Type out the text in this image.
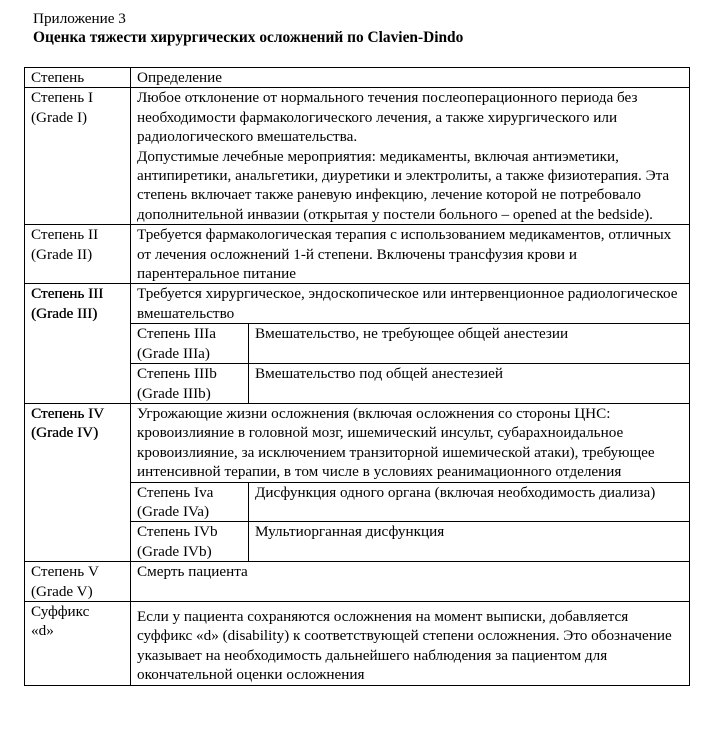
Приложение 3
Оценка тяжести хирургических осложнений по Clavien-Dindo
Степень	Определение	

Степень I
(Grade I)	Любое отклонение от нормального течения послеоперационного периода без необходимости фармакологического лечения, а также хирургического или радиологического вмешательства.
Допустимые лечебные мероприятия: медикаменты, включая антиэметики, антипиретики, анальгетики, диуретики и электролиты, а также физиотерапия. Эта степень включает также раневую инфекцию, лечение которой не потребовало дополнительной инвазии (открытая у постели больного – opened at the bedside).	

Степень II
(Grade II)	Требуется фармакологическая терапия с использованием медикаментов, отличных от лечения осложнений 1-й степени. Включены трансфузия крови и парентеральное питание	

Степень III
(Grade III)	Требуется хирургическое, эндоскопическое или интервенционное радиологическое вмешательство	

	Степень IIIa
(Grade IIIa)	Вмешательство, не требующее общей анестезии

	Степень IIIb
(Grade IIIb)	Вмешательство под общей анестезией

Степень IV
(Grade IV)	Угрожающие жизни осложнения (включая осложнения со стороны ЦНС: кровоизлияние в головной мозг, ишемический инсульт, субарахноидальное кровоизлияние, за исключением транзиторной ишемической атаки), требующее интенсивной терапии, в том числе в условиях реанимационного отделения	

	Степень Iva
(Grade IVa)	Дисфункция одного органа (включая необходимость диализа)

	Степень IVb
(Grade IVb)	Мультиорганная дисфункция

Степень V
(Grade V)	Смерть пациента	

Суффикс
«d»	Если у пациента сохраняются осложнения на момент выписки, добавляется суффикс «d» (disability) к соответствующей степени осложнения. Это обозначение указывает на необходимость дальнейшего наблюдения за пациентом для окончательной оценки осложнения	
